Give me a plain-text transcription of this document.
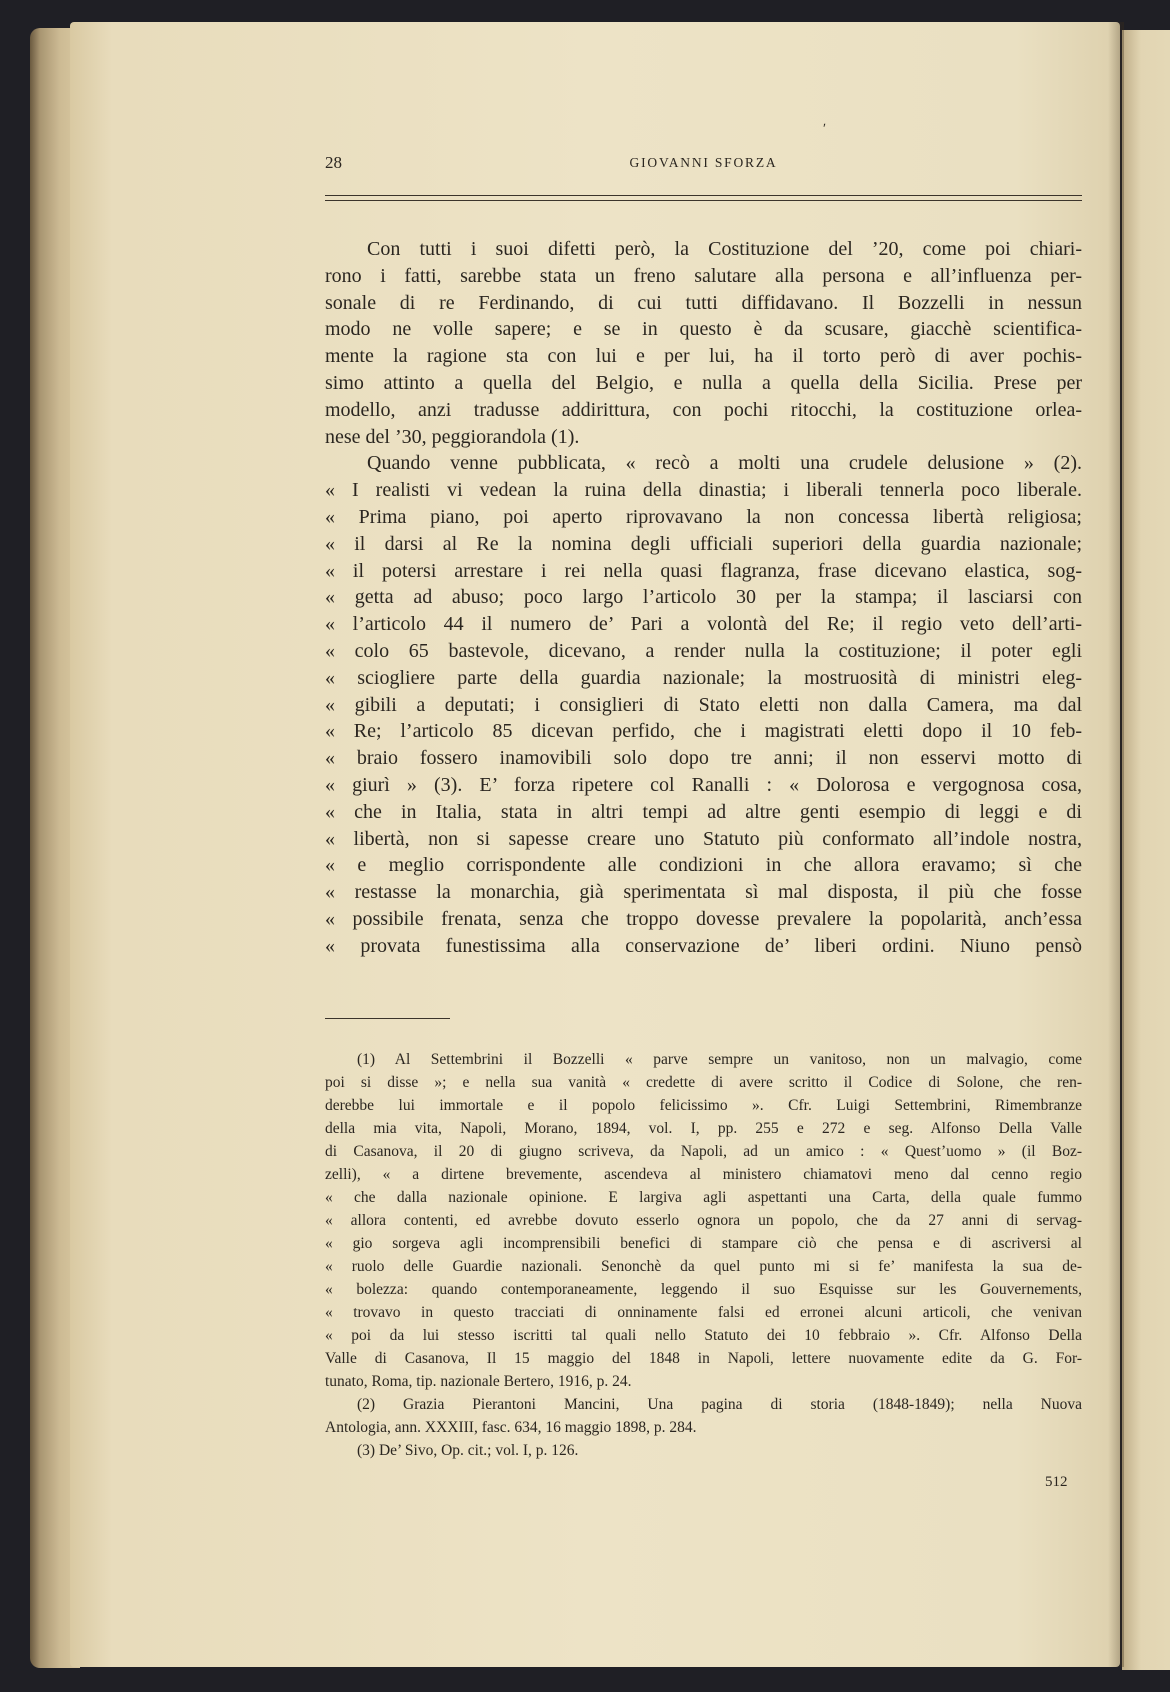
ʹ
28	GIOVANNI SFORZA
Con tutti i suoi difetti però, la Costituzione del ’20, come poi chiari-
rono i fatti, sarebbe stata un freno salutare alla persona e all’influenza per-
sonale di re Ferdinando, di cui tutti diffidavano. Il Bozzelli in nessun
modo ne volle sapere; e se in questo è da scusare, giacchè scientifica-
mente la ragione sta con lui e per lui, ha il torto però di aver pochis-
simo attinto a quella del Belgio, e nulla a quella della Sicilia. Prese per
modello, anzi tradusse addirittura, con pochi ritocchi, la costituzione orlea-
nese del ’30, peggiorandola (1).
Quando venne pubblicata, « recò a molti una crudele delusione » (2).
« I realisti vi vedean la ruina della dinastia; i liberali tennerla poco liberale.
« Prima piano, poi aperto riprovavano la non concessa libertà religiosa;
« il darsi al Re la nomina degli ufficiali superiori della guardia nazionale;
« il potersi arrestare i rei nella quasi flagranza, frase dicevano elastica, sog-
« getta ad abuso; poco largo l’articolo 30 per la stampa; il lasciarsi con
« l’articolo 44 il numero de’ Pari a volontà del Re; il regio veto dell’arti-
« colo 65 bastevole, dicevano, a render nulla la costituzione; il poter egli
« sciogliere parte della guardia nazionale; la mostruosità di ministri eleg-
« gibili a deputati; i consiglieri di Stato eletti non dalla Camera, ma dal
« Re; l’articolo 85 dicevan perfido, che i magistrati eletti dopo il 10 feb-
« braio fossero inamovibili solo dopo tre anni; il non esservi motto di
« giurì » (3). E’ forza ripetere col Ranalli : « Dolorosa e vergognosa cosa,
« che in Italia, stata in altri tempi ad altre genti esempio di leggi e di
« libertà, non si sapesse creare uno Statuto più conformato all’indole nostra,
« e meglio corrispondente alle condizioni in che allora eravamo; sì che
« restasse la monarchia, già sperimentata sì mal disposta, il più che fosse
« possibile frenata, senza che troppo dovesse prevalere la popolarità, anch’essa
« provata funestissima alla conservazione de’ liberi ordini. Niuno pensò
(1) Al Settembrini il Bozzelli « parve sempre un vanitoso, non un malvagio, come
poi si disse »; e nella sua vanità « credette di avere scritto il Codice di Solone, che ren-
derebbe lui immortale e il popolo felicissimo ». Cfr. Luigi Settembrini, Rimembranze
della mia vita, Napoli, Morano, 1894, vol. I, pp. 255 e 272 e seg. Alfonso Della Valle
di Casanova, il 20 di giugno scriveva, da Napoli, ad un amico : « Quest’uomo » (il Boz-
zelli), « a dirtene brevemente, ascendeva al ministero chiamatovi meno dal cenno regio
« che dalla nazionale opinione. E largiva agli aspettanti una Carta, della quale fummo
« allora contenti, ed avrebbe dovuto esserlo ognora un popolo, che da 27 anni di servag-
« gio sorgeva agli incomprensibili benefici di stampare ciò che pensa e di ascriversi al
« ruolo delle Guardie nazionali. Senonchè da quel punto mi si fe’ manifesta la sua de-
« bolezza: quando contemporaneamente, leggendo il suo Esquisse sur les Gouvernements,
« trovavo in questo tracciati di onninamente falsi ed erronei alcuni articoli, che venivan
« poi da lui stesso iscritti tal quali nello Statuto dei 10 febbraio ». Cfr. Alfonso Della
Valle di Casanova, Il 15 maggio del 1848 in Napoli, lettere nuovamente edite da G. For-
tunato, Roma, tip. nazionale Bertero, 1916, p. 24.
(2) Grazia Pierantoni Mancini, Una pagina di storia (1848-1849); nella Nuova
Antologia, ann. XXXIII, fasc. 634, 16 maggio 1898, p. 284.
(3) De’ Sivo, Op. cit.; vol. I, p. 126.
512
